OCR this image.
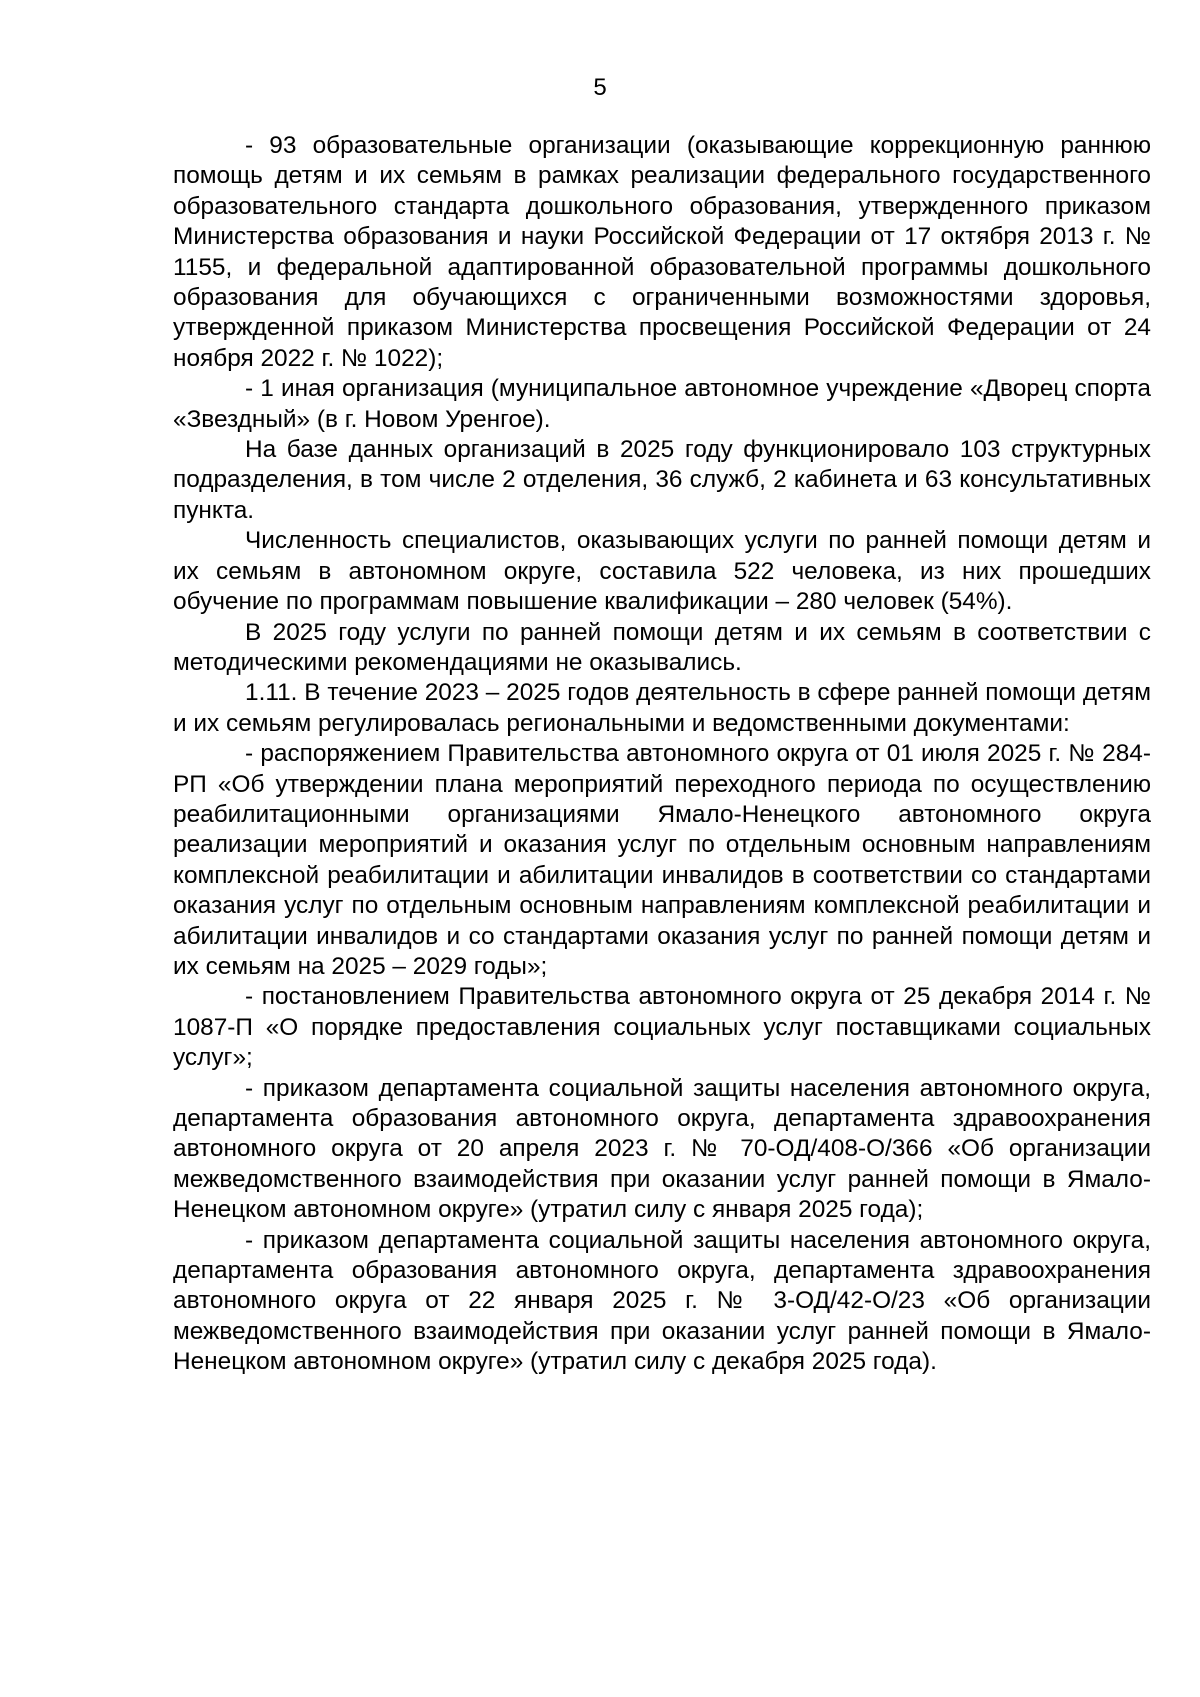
5

- 93 образовательные организации (оказывающие коррекционную раннюю помощь детям и их семьям в рамках реализации федерального государственного образовательного стандарта дошкольного образования, утвержденного приказом Министерства образования и науки Российской Федерации от 17 октября 2013 г. № 1155, и федеральной адаптированной образовательной программы дошкольного образования для обучающихся с ограниченными возможностями здоровья, утвержденной приказом Министерства просвещения Российской Федерации от 24 ноября 2022 г. № 1022);

- 1 иная организация (муниципальное автономное учреждение «Дворец спорта «Звездный» (в г. Новом Уренгое).

На базе данных организаций в 2025 году функционировало 103 структурных подразделения, в том числе 2 отделения, 36 служб, 2 кабинета и 63 консультативных пункта.

Численность специалистов, оказывающих услуги по ранней помощи детям и их семьям в автономном округе, составила 522 человека, из них прошедших обучение по программам повышение квалификации – 280 человек (54%).

В 2025 году услуги по ранней помощи детям и их семьям в соответствии с методическими рекомендациями не оказывались.

1.11. В течение 2023 – 2025 годов деятельность в сфере ранней помощи детям и их семьям регулировалась региональными и ведомственными документами:

- распоряжением Правительства автономного округа от 01 июля 2025 г. № 284-РП «Об утверждении плана мероприятий переходного периода по осуществлению реабилитационными организациями Ямало-Ненецкого автономного округа реализации мероприятий и оказания услуг по отдельным основным направлениям комплексной реабилитации и абилитации инвалидов в соответствии со стандартами оказания услуг по отдельным основным направлениям комплексной реабилитации и абилитации инвалидов и со стандартами оказания услуг по ранней помощи детям и их семьям на 2025 – 2029 годы»;

- постановлением Правительства автономного округа от 25 декабря 2014 г. № 1087-П «О порядке предоставления социальных услуг поставщиками социальных услуг»;

- приказом департамента социальной защиты населения автономного округа, департамента образования автономного округа, департамента здравоохранения автономного округа от 20 апреля 2023 г. № 70-ОД/408-О/366 «Об организации межведомственного взаимодействия при оказании услуг ранней помощи в Ямало-Ненецком автономном округе» (утратил силу с января 2025 года);

- приказом департамента социальной защиты населения автономного округа, департамента образования автономного округа, департамента здравоохранения автономного округа от 22 января 2025 г. № 3-ОД/42-О/23 «Об организации межведомственного взаимодействия при оказании услуг ранней помощи в Ямало-Ненецком автономном округе» (утратил силу с декабря 2025 года).
